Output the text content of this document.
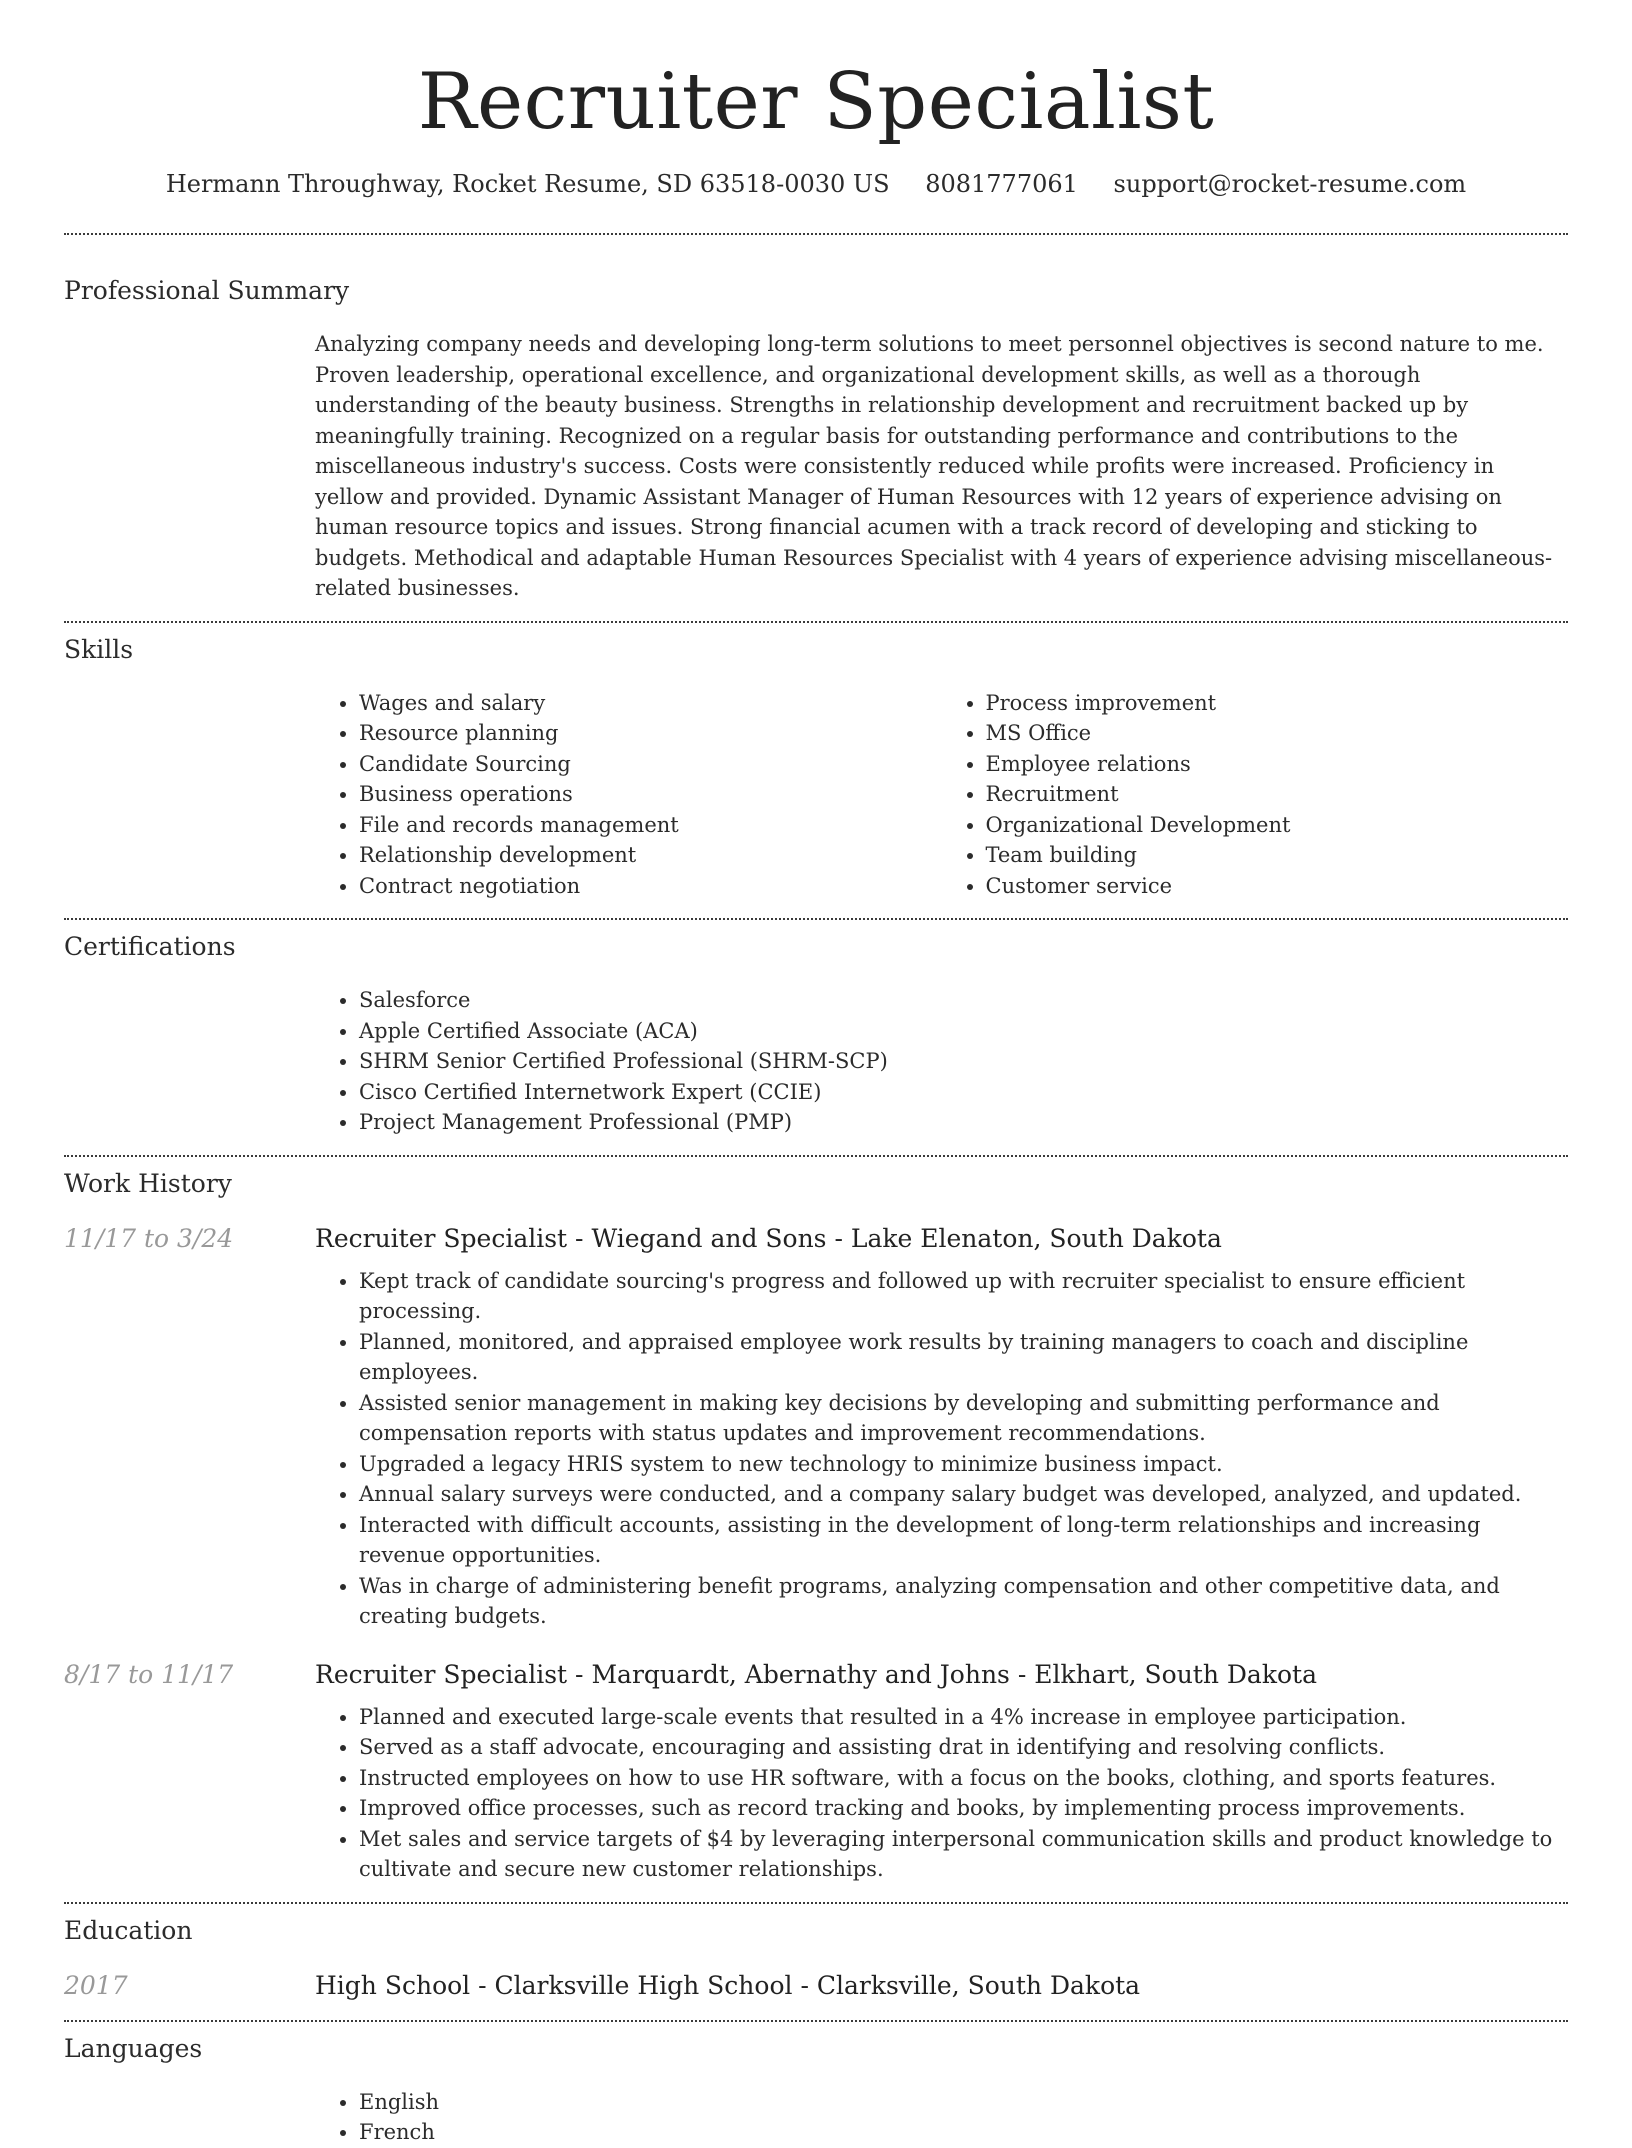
Recruiter Specialist
Hermann Throughway, Rocket Resume, SD 63518-0030 US 8081777061 support@rocket-resume.com
Professional Summary

Analyzing company needs and developing long-term solutions to meet personnel objectives is second nature to me. Proven leadership, operational excellence, and organizational development skills, as well as a thorough understanding of the beauty business. Strengths in relationship development and recruitment backed up by meaningfully training. Recognized on a regular basis for outstanding performance and contributions to the miscellaneous industry's success. Costs were consistently reduced while profits were increased. Proficiency in yellow and provided. Dynamic Assistant Manager of Human Resources with 12 years of experience advising on human resource topics and issues. Strong financial acumen with a track record of developing and sticking to budgets. Methodical and adaptable Human Resources Specialist with 4 years of experience advising miscellaneous-related businesses.

Skills
• Wages and salary
• Resource planning
• Candidate Sourcing
• Business operations
• File and records management
• Relationship development
• Contract negotiation
• Process improvement
• MS Office
• Employee relations
• Recruitment
• Organizational Development
• Team building
• Customer service
Certifications
• Salesforce
• Apple Certified Associate (ACA)
• SHRM Senior Certified Professional (SHRM-SCP)
• Cisco Certified Internetwork Expert (CCIE)
• Project Management Professional (PMP)
Work History
11/17 to 3/24	Recruiter Specialist - Wiegand and Sons - Lake Elenaton, South Dakota
• Kept track of candidate sourcing's progress and followed up with recruiter specialist to ensure efficient processing.
• Planned, monitored, and appraised employee work results by training managers to coach and discipline employees.
• Assisted senior management in making key decisions by developing and submitting performance and compensation reports with status updates and improvement recommendations.
• Upgraded a legacy HRIS system to new technology to minimize business impact.
• Annual salary surveys were conducted, and a company salary budget was developed, analyzed, and updated.
• Interacted with difficult accounts, assisting in the development of long-term relationships and increasing revenue opportunities.
• Was in charge of administering benefit programs, analyzing compensation and other competitive data, and creating budgets.
8/17 to 11/17	Recruiter Specialist - Marquardt, Abernathy and Johns - Elkhart, South Dakota
• Planned and executed large-scale events that resulted in a 4% increase in employee participation.
• Served as a staff advocate, encouraging and assisting drat in identifying and resolving conflicts.
• Instructed employees on how to use HR software, with a focus on the books, clothing, and sports features.
• Improved office processes, such as record tracking and books, by implementing process improvements.
• Met sales and service targets of $4 by leveraging interpersonal communication skills and product knowledge to cultivate and secure new customer relationships.
Education
2017	High School - Clarksville High School - Clarksville, South Dakota
Languages
• English
• French
